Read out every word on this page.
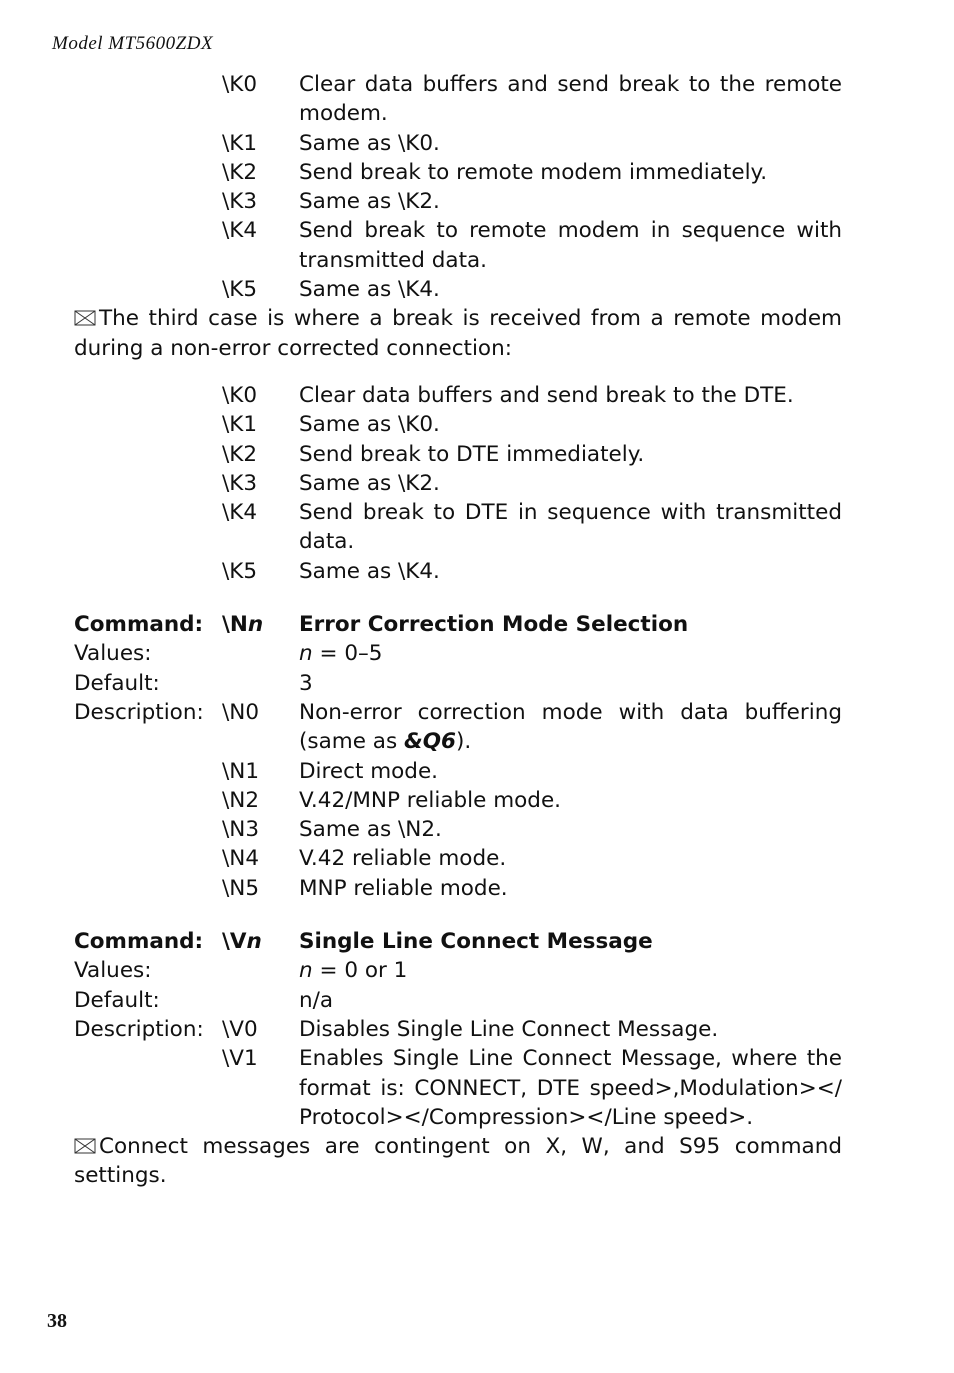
Model MT5600ZDX
\K0	Clear data buffers and send break to the remote modem.
\K1	Same as \K0.
\K2	Send break to remote modem immediately.
\K3	Same as \K2.
\K4	Send break to remote modem in sequence with transmitted data.
\K5	Same as \K4.
The third case is where a break is received from a remote modem during a non-error corrected connection:
\K0	Clear data buffers and send break to the DTE.
\K1	Same as \K0.
\K2	Send break to DTE immediately.
\K3	Same as \K2.
\K4	Send break to DTE in sequence with transmitted data.
\K5	Same as \K4.
Command: \Nn	Error Correction Mode Selection
Values:	n = 0–5
Default:	3
Description: \N0	Non-error correction mode with data buffering (same as &Q6).
\N1	Direct mode.
\N2	V.42/MNP reliable mode.
\N3	Same as \N2.
\N4	V.42 reliable mode.
\N5	MNP reliable mode.
Command: \Vn	Single Line Connect Message
Values:	n = 0 or 1
Default:	n/a
Description: \V0	Disables Single Line Connect Message.
\V1	Enables Single Line Connect Message, where the format is: CONNECT, DTE speed>,Modulation></ Protocol></Compression></Line speed>.
Connect messages are contingent on X, W, and S95 command settings.
38
